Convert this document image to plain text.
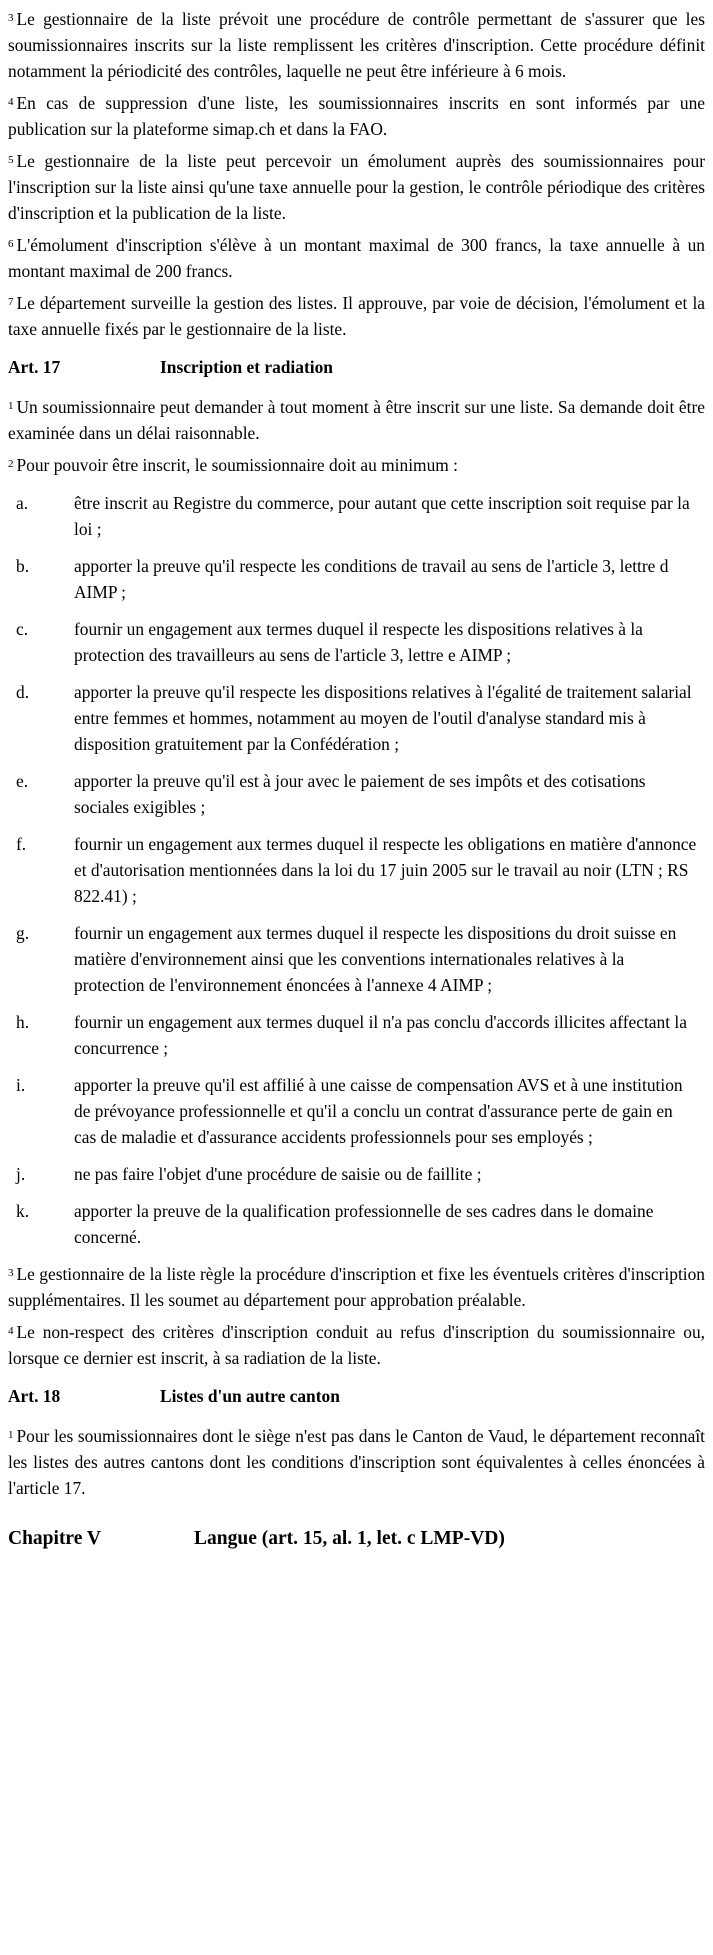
$^3$ Le gestionnaire de la liste prévoit une procédure de contrôle permettant de s'assurer que les soumissionnaires inscrits sur la liste remplissent les critères d'inscription. Cette procédure définit notamment la périodicité des contrôles, laquelle ne peut être inférieure à 6 mois.

$^4$ En cas de suppression d'une liste, les soumissionnaires inscrits en sont informés par une publication sur la plateforme simap.ch et dans la FAO.

$^5$ Le gestionnaire de la liste peut percevoir un émolument auprès des soumissionnaires pour l'inscription sur la liste ainsi qu'une taxe annuelle pour la gestion, le contrôle périodique des critères d'inscription et la publication de la liste.

$^6$ L'émolument d'inscription s'élève à un montant maximal de 300 francs, la taxe annuelle à un montant maximal de 200 francs.

$^7$ Le département surveille la gestion des listes. Il approuve, par voie de décision, l'émolument et la taxe annuelle fixés par le gestionnaire de la liste.

Art. 17	Inscription et radiation

$^1$ Un soumissionnaire peut demander à tout moment à être inscrit sur une liste. Sa demande doit être examinée dans un délai raisonnable.

$^2$ Pour pouvoir être inscrit, le soumissionnaire doit au minimum :

a.	être inscrit au Registre du commerce, pour autant que cette inscription soit requise par la loi ;
b.	apporter la preuve qu'il respecte les conditions de travail au sens de l'article 3, lettre d AIMP ;
c.	fournir un engagement aux termes duquel il respecte les dispositions relatives à la protection des travailleurs au sens de l'article 3, lettre e AIMP ;
d.	apporter la preuve qu'il respecte les dispositions relatives à l'égalité de traitement salarial entre femmes et hommes, notamment au moyen de l'outil d'analyse standard mis à disposition gratuitement par la Confédération ;
e.	apporter la preuve qu'il est à jour avec le paiement de ses impôts et des cotisations sociales exigibles ;
f.	fournir un engagement aux termes duquel il respecte les obligations en matière d'annonce et d'autorisation mentionnées dans la loi du 17 juin 2005 sur le travail au noir (LTN ; RS 822.41) ;
g.	fournir un engagement aux termes duquel il respecte les dispositions du droit suisse en matière d'environnement ainsi que les conventions internationales relatives à la protection de l'environnement énoncées à l'annexe 4 AIMP ;
h.	fournir un engagement aux termes duquel il n'a pas conclu d'accords illicites affectant la concurrence ;
i.	apporter la preuve qu'il est affilié à une caisse de compensation AVS et à une institution de prévoyance professionnelle et qu'il a conclu un contrat d'assurance perte de gain en cas de maladie et d'assurance accidents professionnels pour ses employés ;
j.	ne pas faire l'objet d'une procédure de saisie ou de faillite ;
k.	apporter la preuve de la qualification professionnelle de ses cadres dans le domaine concerné.

$^3$ Le gestionnaire de la liste règle la procédure d'inscription et fixe les éventuels critères d'inscription supplémentaires. Il les soumet au département pour approbation préalable.

$^4$ Le non-respect des critères d'inscription conduit au refus d'inscription du soumissionnaire ou, lorsque ce dernier est inscrit, à sa radiation de la liste.

Art. 18	Listes d'un autre canton

$^1$ Pour les soumissionnaires dont le siège n'est pas dans le Canton de Vaud, le département reconnaît les listes des autres cantons dont les conditions d'inscription sont équivalentes à celles énoncées à l'article 17.

Chapitre V	Langue (art. 15, al. 1, let. c LMP-VD)
